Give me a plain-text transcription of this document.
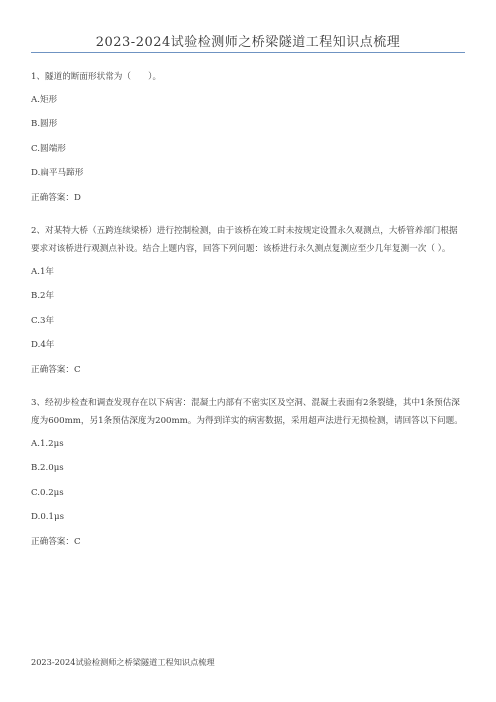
2023-2024试验检测师之桥梁隧道工程知识点梳理

1、隧道的断面形状常为（　　）。

A.矩形

B.圆形

C.圆端形

D.扁平马蹄形

正确答案：D

2、对某特大桥（五跨连续梁桥）进行控制检测，由于该桥在竣工时未按规定设置永久观测点，大桥管养部门根据要求对该桥进行观测点补设。结合上题内容，回答下列问题：该桥进行永久测点复测应至少几年复测一次（ ）。

A.1年

B.2年

C.3年

D.4年

正确答案：C

3、经初步检查和调查发现存在以下病害：混凝土内部有不密实区及空洞、混凝土表面有2条裂缝，其中1条预估深度为600mm，另1条预估深度为200mm。为得到详实的病害数据，采用超声法进行无损检测，请回答以下问题。

A.1.2μs

B.2.0μs

C.0.2μs

D.0.1μs

正确答案：C

2023-2024试验检测师之桥梁隧道工程知识点梳理
